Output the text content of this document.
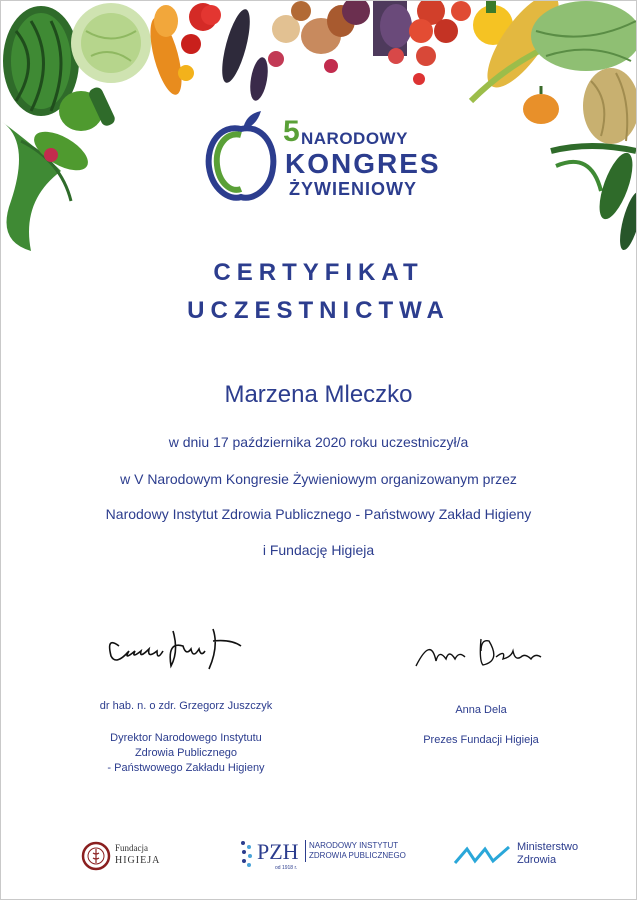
5 NARODOWY
KONGRES
ŻYWIENIOWY
CERTYFIKAT
UCZESTNICTWA
Marzena Mleczko
w dniu 17 października 2020 roku uczestniczył/a
w V Narodowym Kongresie Żywieniowym organizowanym przez
Narodowy Instytut Zdrowia Publicznego - Państwowy Zakład Higieny
i Fundację Higieja
dr hab. n. o zdr. Grzegorz Juszczyk
Dyrektor Narodowego Instytutu
Zdrowia Publicznego
- Państwowego Zakładu Higieny
Anna Dela
Prezes Fundacji Higieja
Fundacja
HIGIEJA	PZH NARODOWY INSTYTUT
ZDROWIA PUBLICZNEGO
od 1918 r.
Ministerstwo
Zdrowia
